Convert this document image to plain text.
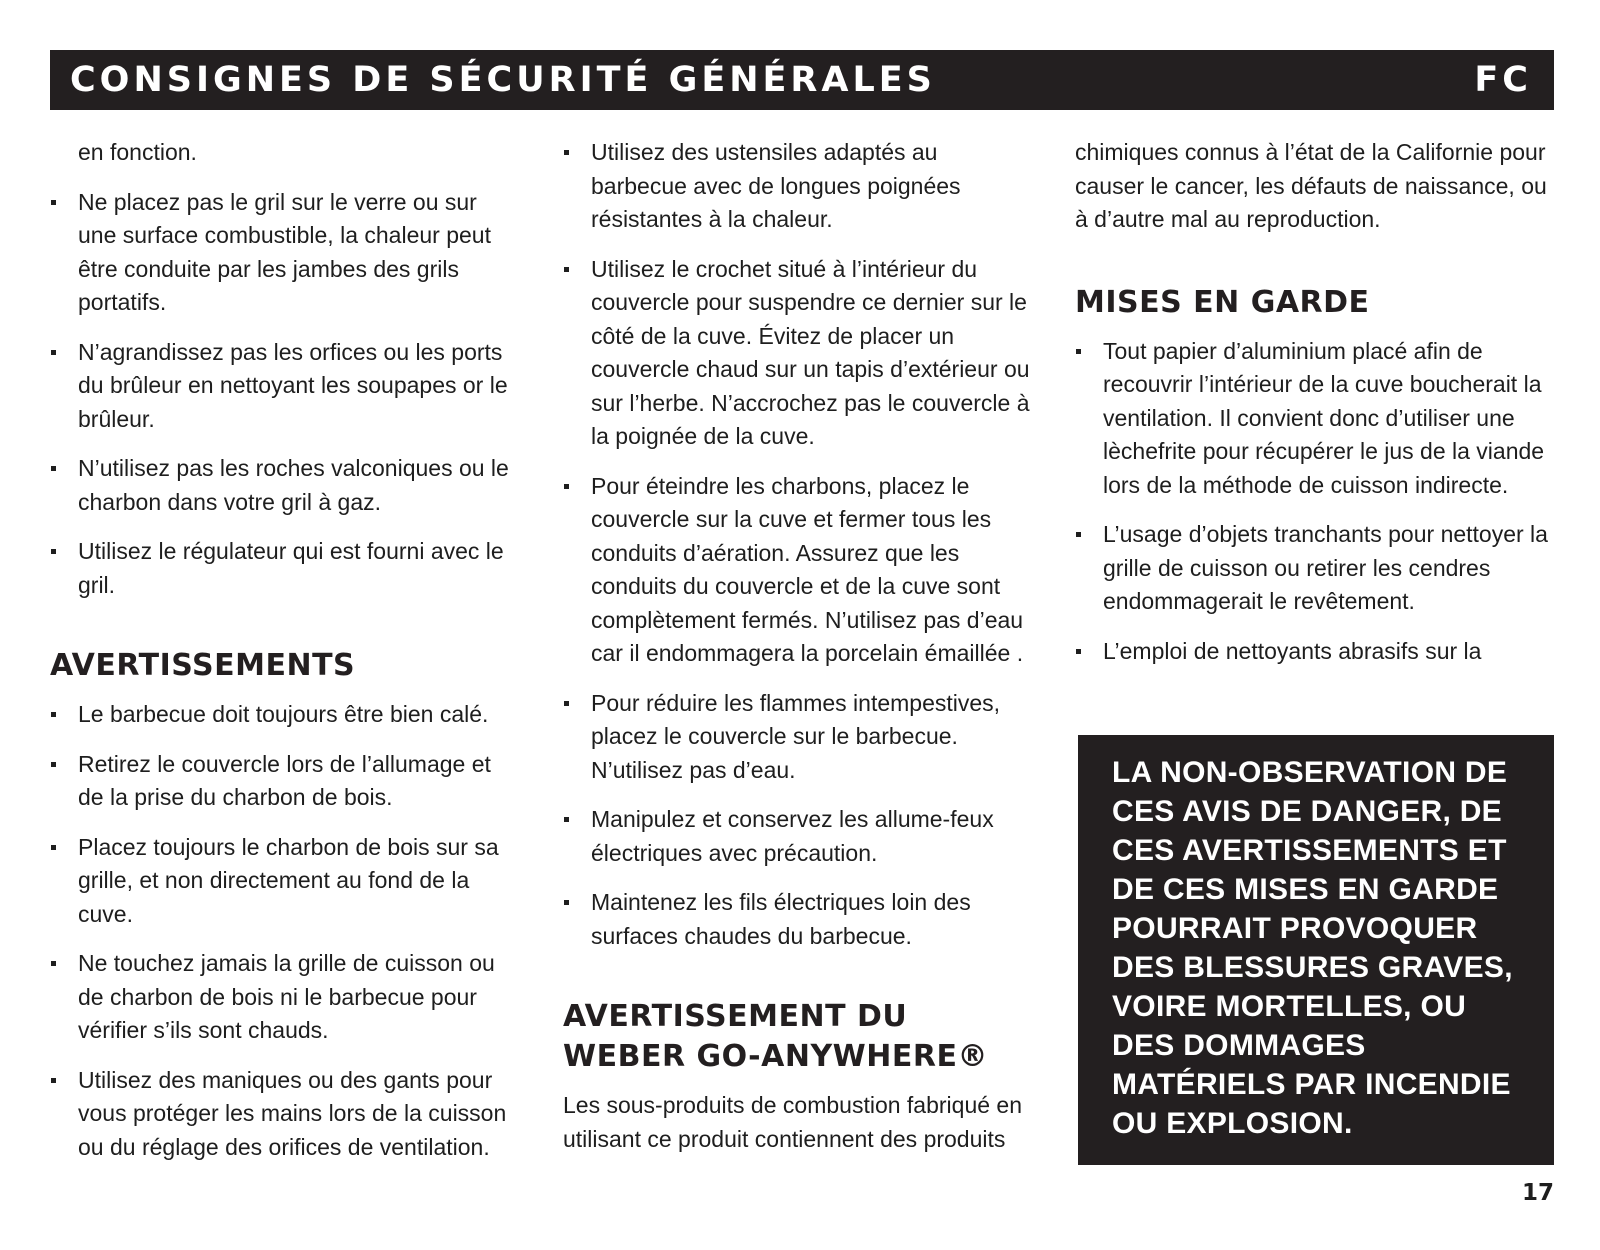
CONSIGNES DE SÉCURITÉ GÉNÉRALES	FC

en fonction.

Ne placez pas le gril sur le verre ou sur une surface combustible, la chaleur peut être conduite par les jambes des grils portatifs.
N’agrandissez pas les orfices ou les ports du brûleur en nettoyant les soupapes or le brûleur.
N’utilisez pas les roches valconiques ou le charbon dans votre gril à gaz.
Utilisez le régulateur qui est fourni avec le gril.
AVERTISSEMENTS
Le barbecue doit toujours être bien calé.
Retirez le couvercle lors de l’allumage et de la prise du charbon de bois.
Placez toujours le charbon de bois sur sa grille, et non directement au fond de la cuve.
Ne touchez jamais la grille de cuisson ou de charbon de bois ni le barbecue pour vérifier s’ils sont chauds.
Utilisez des maniques ou des gants pour vous protéger les mains lors de la cuisson ou du réglage des orifices de ventilation.
Utilisez des ustensiles adaptés au barbecue avec de longues poignées résistantes à la chaleur.
Utilisez le crochet situé à l’intérieur du couvercle pour suspendre ce dernier sur le côté de la cuve. Évitez de placer un couvercle chaud sur un tapis d’extérieur ou sur l’herbe. N’accrochez pas le couvercle à la poignée de la cuve.
Pour éteindre les charbons, placez le couvercle sur la cuve et fermer tous les conduits d’aération. Assurez que les conduits du couvercle et de la cuve sont complètement fermés. N’utilisez pas d’eau car il endommagera la porcelain émaillée .
Pour réduire les flammes intempestives, placez le couvercle sur le barbecue. N’utilisez pas d’eau.
Manipulez et conservez les allume-feux électriques avec précaution.
Maintenez les fils électriques loin des surfaces chaudes du barbecue.
AVERTISSEMENT DU WEBER GO-ANYWHERE®

Les sous-produits de combustion fabriqué en utilisant ce produit contiennent des produits

chimiques connus à l’état de la Californie pour causer le cancer, les défauts de naissance, ou à d’autre mal au reproduction.

MISES EN GARDE
Tout papier d’aluminium placé afin de recouvrir l’intérieur de la cuve boucherait la ventilation. Il convient donc d’utiliser une lèchefrite pour récupérer le jus de la viande lors de la méthode de cuisson indirecte.
L’usage d’objets tranchants pour nettoyer la grille de cuisson ou retirer les cendres endommagerait le revêtement.
L’emploi de nettoyants abrasifs sur la
LA NON-OBSERVATION DE CES AVIS DE DANGER, DE CES AVERTISSEMENTS ET DE CES MISES EN GARDE POURRAIT PROVOQUER DES BLESSURES GRAVES, VOIRE MORTELLES, OU DES DOMMAGES MATÉRIELS PAR INCENDIE OU EXPLOSION.
17
